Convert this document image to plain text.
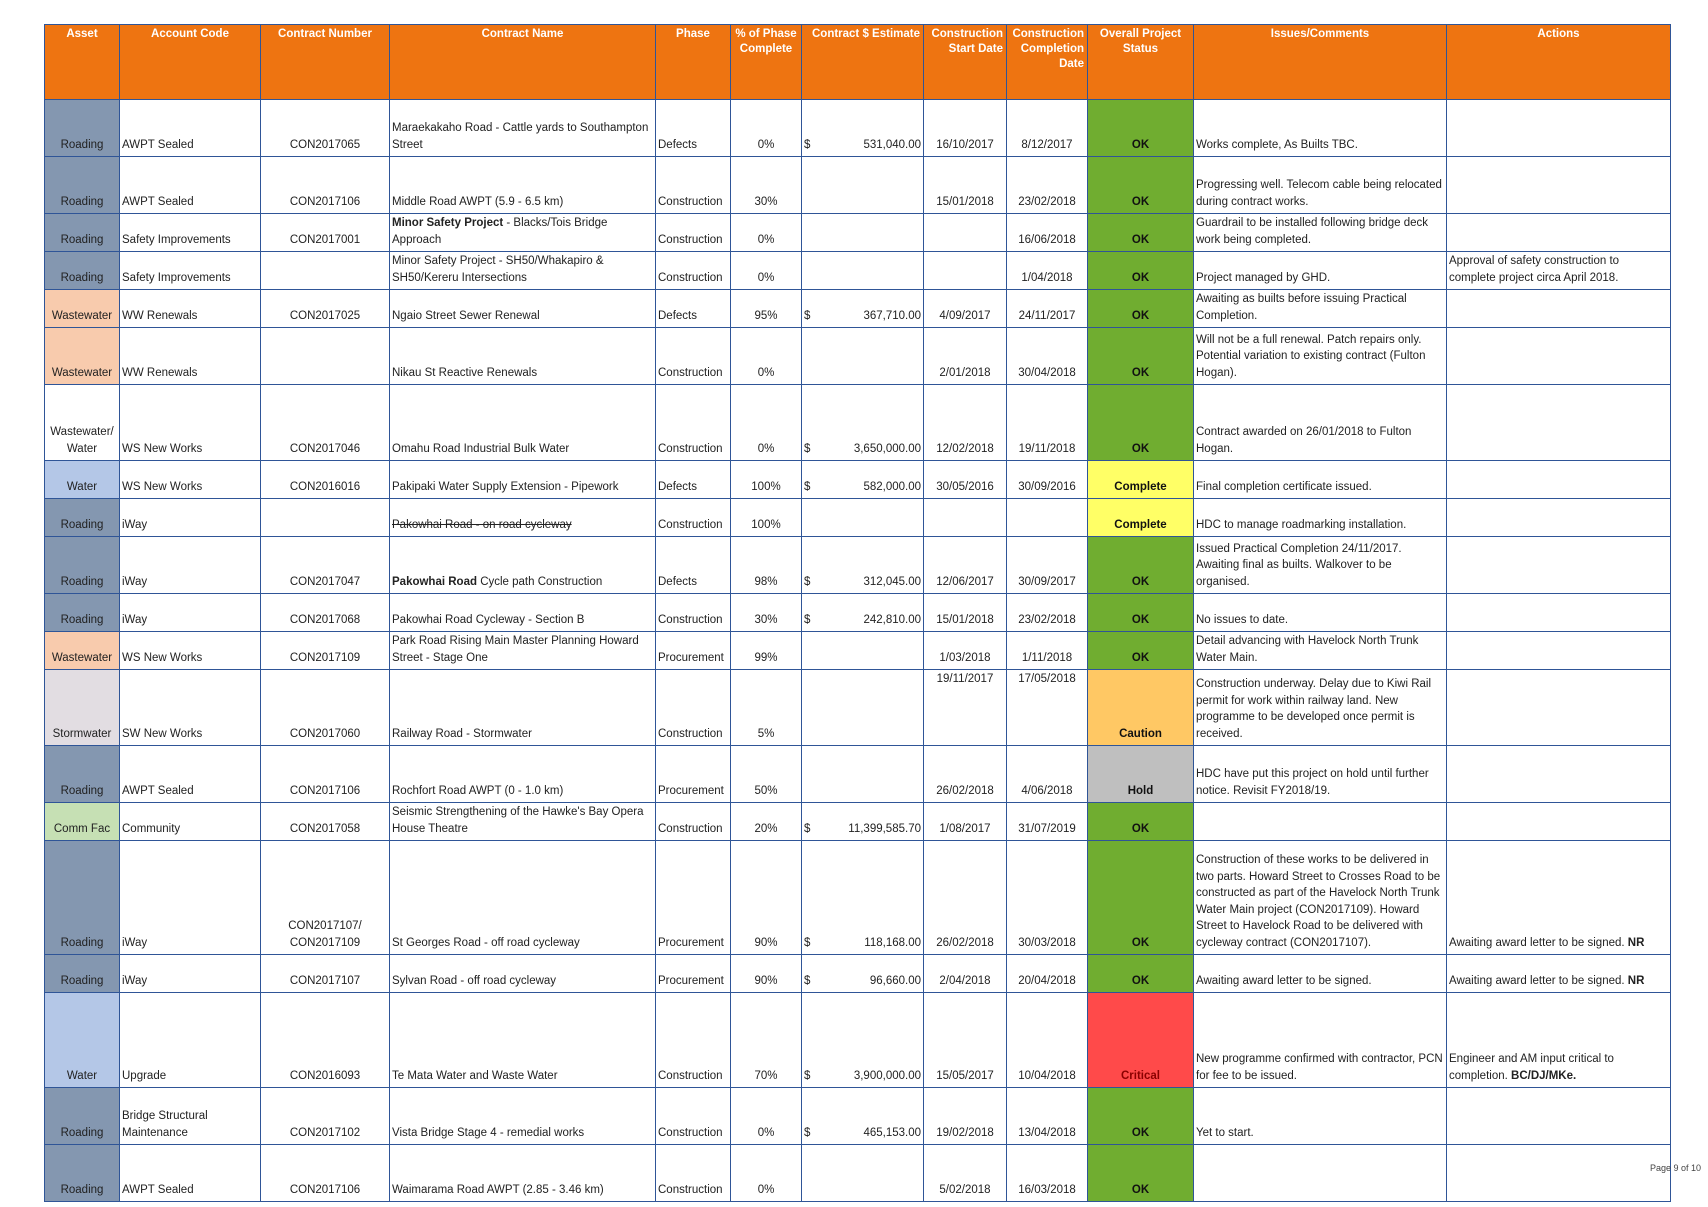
Asset	Account Code	Contract Number	Contract Name	Phase	% of Phase Complete	Contract $ Estimate	Construction Start Date	Construction Completion Date	Overall Project Status	Issues/Comments	Actions
Roading	AWPT Sealed	CON2017065	Maraekakaho Road - Cattle yards to Southampton Street	Defects	0%	$ 531,040.00	16/10/2017	8/12/2017	OK	Works complete, As Builts TBC.	
Roading	AWPT Sealed	CON2017106	Middle Road AWPT (5.9 - 6.5 km)	Construction	30%		15/01/2018	23/02/2018	OK	Progressing well. Telecom cable being relocated during contract works.	
Roading	Safety Improvements	CON2017001	Minor Safety Project - Blacks/Tois Bridge Approach	Construction	0%			16/06/2018	OK	Guardrail to be installed following bridge deck work being completed.	
Roading	Safety Improvements		Minor Safety Project - SH50/Whakapiro & SH50/Kereru Intersections	Construction	0%			1/04/2018	OK	Project managed by GHD.	Approval of safety construction to complete project circa April 2018.
Wastewater	WW Renewals	CON2017025	Ngaio Street Sewer Renewal	Defects	95%	$ 367,710.00	4/09/2017	24/11/2017	OK	Awaiting as builts before issuing Practical Completion.	
Wastewater	WW Renewals		Nikau St Reactive Renewals	Construction	0%		2/01/2018	30/04/2018	OK	Will not be a full renewal. Patch repairs only. Potential variation to existing contract (Fulton Hogan).	
Wastewater/ Water	WS New Works	CON2017046	Omahu Road Industrial Bulk Water	Construction	0%	$ 3,650,000.00	12/02/2018	19/11/2018	OK	Contract awarded on 26/01/2018 to Fulton Hogan.	
Water	WS New Works	CON2016016	Pakipaki Water Supply Extension - Pipework	Defects	100%	$ 582,000.00	30/05/2016	30/09/2016	Complete	Final completion certificate issued.	
Roading	iWay		Pakowhai Road - on road cycleway	Construction	100%				Complete	HDC to manage roadmarking installation.	
Roading	iWay	CON2017047	Pakowhai Road Cycle path Construction	Defects	98%	$ 312,045.00	12/06/2017	30/09/2017	OK	Issued Practical Completion 24/11/2017. Awaiting final as builts. Walkover to be organised.	
Roading	iWay	CON2017068	Pakowhai Road Cycleway - Section B	Construction	30%	$ 242,810.00	15/01/2018	23/02/2018	OK	No issues to date.	
Wastewater	WS New Works	CON2017109	Park Road Rising Main Master Planning Howard Street - Stage One	Procurement	99%		1/03/2018	1/11/2018	OK	Detail advancing with Havelock North Trunk Water Main.	
Stormwater	SW New Works	CON2017060	Railway Road - Stormwater	Construction	5%		19/11/2017	17/05/2018	Caution	Construction underway. Delay due to Kiwi Rail permit for work within railway land. New programme to be developed once permit is received.	
Roading	AWPT Sealed	CON2017106	Rochfort Road AWPT (0 - 1.0 km)	Procurement	50%		26/02/2018	4/06/2018	Hold	HDC have put this project on hold until further notice. Revisit FY2018/19.	
Comm Fac	Community	CON2017058	Seismic Strengthening of the Hawke's Bay Opera House Theatre	Construction	20%	$ 11,399,585.70	1/08/2017	31/07/2019	OK		
Roading	iWay	CON2017107/ CON2017109	St Georges Road - off road cycleway	Procurement	90%	$ 118,168.00	26/02/2018	30/03/2018	OK	Construction of these works to be delivered in two parts. Howard Street to Crosses Road to be constructed as part of the Havelock North Trunk Water Main project (CON2017109). Howard Street to Havelock Road to be delivered with cycleway contract (CON2017107).	Awaiting award letter to be signed. NR
Roading	iWay	CON2017107	Sylvan Road - off road cycleway	Procurement	90%	$ 96,660.00	2/04/2018	20/04/2018	OK	Awaiting award letter to be signed.	Awaiting award letter to be signed. NR
Water	Upgrade	CON2016093	Te Mata Water and Waste Water	Construction	70%	$ 3,900,000.00	15/05/2017	10/04/2018	Critical	New programme confirmed with contractor, PCN for fee to be issued.	Engineer and AM input critical to completion. BC/DJ/MKe.
Roading	Bridge Structural Maintenance	CON2017102	Vista Bridge Stage 4 - remedial works	Construction	0%	$ 465,153.00	19/02/2018	13/04/2018	OK	Yet to start.	
Roading	AWPT Sealed	CON2017106	Waimarama Road AWPT (2.85 - 3.46 km)	Construction	0%		5/02/2018	16/03/2018	OK		
Page 9 of 10
